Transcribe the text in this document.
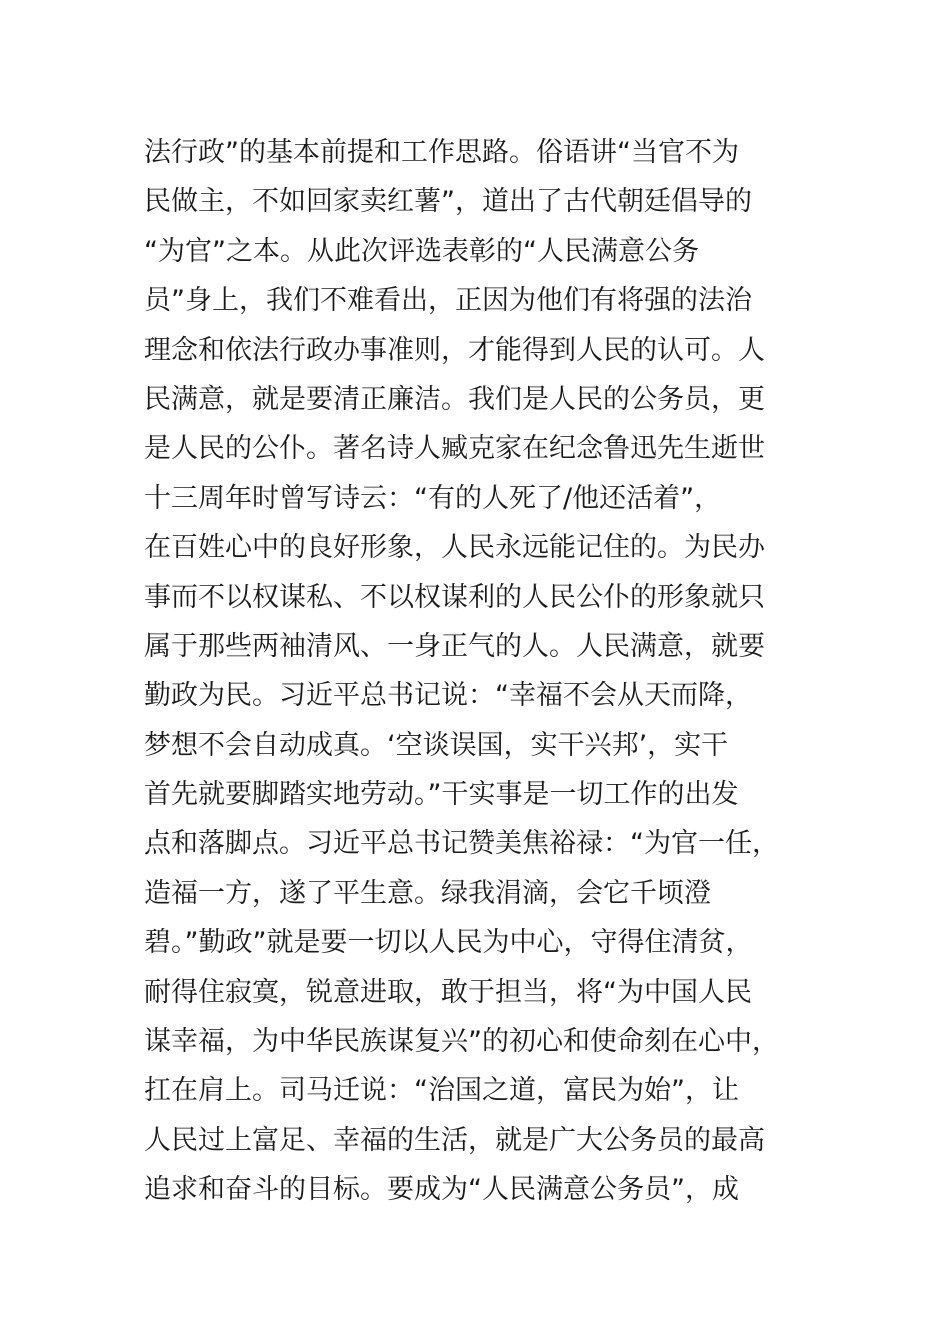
法行政”的基本前提和工作思路。俗语讲“当官不为
民做主，不如回家卖红薯”，道出了古代朝廷倡导的
“为官”之本。从此次评选表彰的“人民满意公务
员”身上，我们不难看出，正因为他们有将强的法治
理念和依法行政办事准则，才能得到人民的认可。人
民满意，就是要清正廉洁。我们是人民的公务员，更
是人民的公仆。著名诗人臧克家在纪念鲁迅先生逝世
十三周年时曾写诗云：“有的人死了/他还活着”，
在百姓心中的良好形象，人民永远能记住的。为民办
事而不以权谋私、不以权谋利的人民公仆的形象就只
属于那些两袖清风、一身正气的人。人民满意，就要
勤政为民。习近平总书记说：“幸福不会从天而降，
梦想不会自动成真。‘空谈误国，实干兴邦’，实干
首先就要脚踏实地劳动。”干实事是一切工作的出发
点和落脚点。习近平总书记赞美焦裕禄：“为官一任，
造福一方，遂了平生意。绿我涓滴，会它千顷澄
碧。”勤政”就是要一切以人民为中心，守得住清贫，
耐得住寂寞，锐意进取，敢于担当，将“为中国人民
谋幸福，为中华民族谋复兴”的初心和使命刻在心中，
扛在肩上。司马迁说：“治国之道，富民为始”，让
人民过上富足、幸福的生活，就是广大公务员的最高
追求和奋斗的目标。要成为“人民满意公务员”，成
